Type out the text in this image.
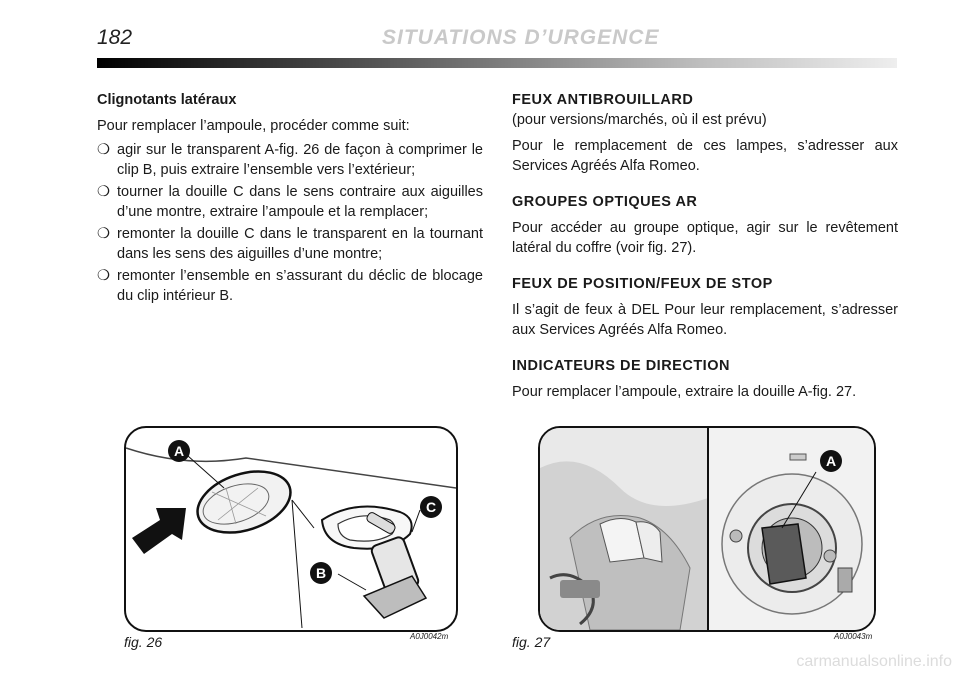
182	SITUATIONS D’URGENCE
Clignotants latéraux

Pour remplacer l’ampoule, procéder comme suit:

❍ agir sur le transparent A-fig. 26 de façon à comprimer le clip B, puis extraire l’ensemble vers l’extérieur;
❍ tourner la douille C dans le sens contraire aux aiguilles d’une montre, extraire l’ampoule et la remplacer;
❍ remonter la douille C dans le transparent en la tournant dans les sens des aiguilles d’une montre;
❍ remonter l’ensemble en s’assurant du déclic de blocage du clip intérieur B.
FEUX ANTIBROUILLARD

(pour versions/marchés, où il est prévu)

Pour le remplacement de ces lampes, s’adresser aux Services Agréés Alfa Romeo.

GROUPES OPTIQUES AR

Pour accéder au groupe optique, agir sur le revêtement latéral du coffre (voir fig. 27).

FEUX DE POSITION/FEUX DE STOP

Il s’agit de feux à DEL Pour leur remplacement, s’adresser aux Services Agréés Alfa Romeo.

INDICATEURS DE DIRECTION

Pour remplacer l’ampoule, extraire la douille A-fig. 27.

A
B
C
fig. 26	A0J0042m
A
fig. 27	A0J0043m
carmanualsonline.info
